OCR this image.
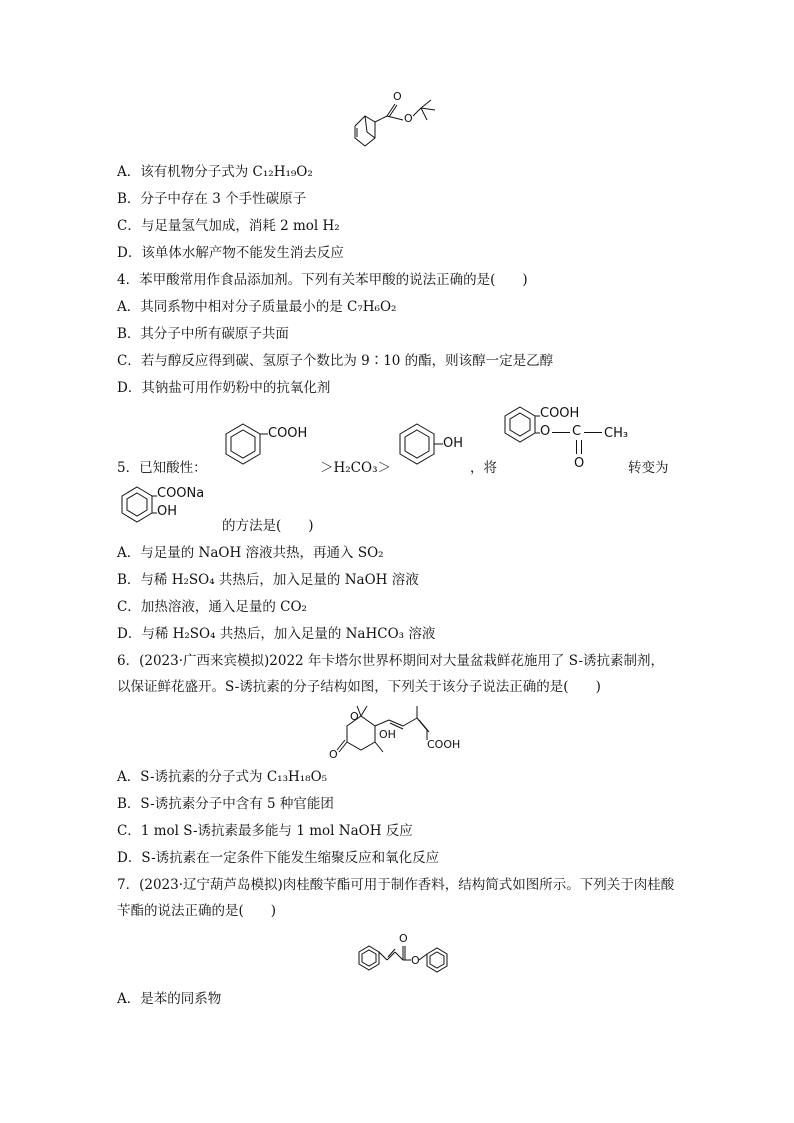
O
O
A．该有机物分子式为 C₁₂H₁₉O₂
B．分子中存在 3 个手性碳原子
C．与足量氢气加成，消耗 2 mol H₂
D．该单体水解产物不能发生消去反应
4．苯甲酸常用作食品添加剂。下列有关苯甲酸的说法正确的是(　　)
A．其同系物中相对分子质量最小的是 C₇H₆O₂
B．其分子中所有碳原子共面
C．若与醇反应得到碳、氢原子个数比为 9∶10 的酯，则该醇一定是乙醇
D．其钠盐可用作奶粉中的抗氧化剂
5．已知酸性：
COOH
＞H₂CO₃＞
OH
，将
COOH
O C CH₃
O	转变为
COONa
OH
的方法是(　　)
A．与足量的 NaOH 溶液共热，再通入 SO₂
B．与稀 H₂SO₄ 共热后，加入足量的 NaOH 溶液
C．加热溶液，通入足量的 CO₂
D．与稀 H₂SO₄ 共热后，加入足量的 NaHCO₃ 溶液
6．(2023·广西来宾模拟)2022 年卡塔尔世界杯期间对大量盆栽鲜花施用了 S-诱抗素制剂，以保证鲜花盛开。S-诱抗素的分子结构如图，下列关于该分子说法正确的是(　　)
O
O
OH
COOH
A．S-诱抗素的分子式为 C₁₃H₁₈O₅
B．S-诱抗素分子中含有 5 种官能团
C．1 mol S-诱抗素最多能与 1 mol NaOH 反应
D．S-诱抗素在一定条件下能发生缩聚反应和氧化反应
7．(2023·辽宁葫芦岛模拟)肉桂酸苄酯可用于制作香料，结构简式如图所示。下列关于肉桂酸苄酯的说法正确的是(　　)
O
O
A．是苯的同系物
